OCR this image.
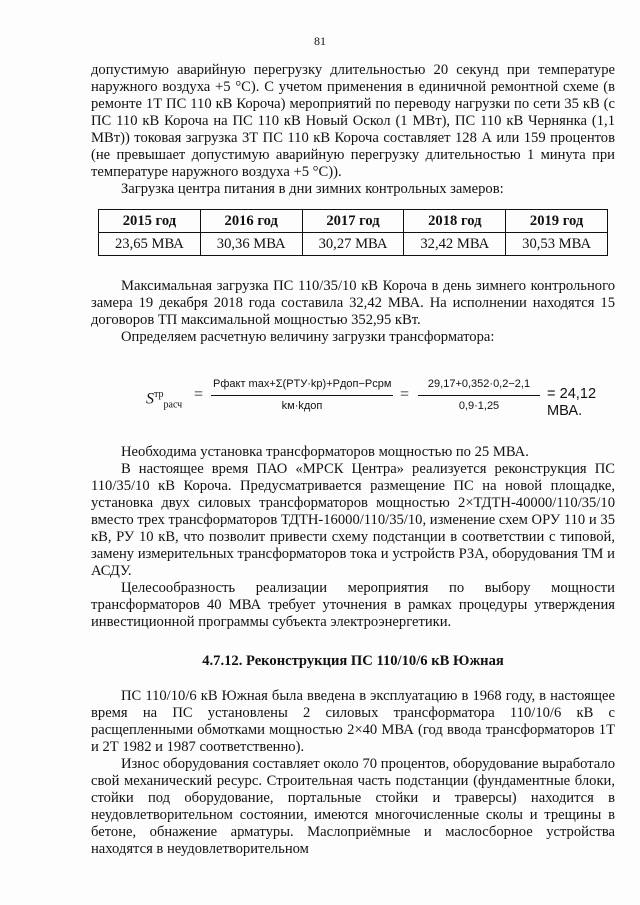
81

допустимую аварийную перегрузку длительностью 20 секунд при температуре наружного воздуха +5 °С). С учетом применения в единичной ремонтной схеме (в ремонте 1Т ПС 110 кВ Короча) мероприятий по переводу нагрузки по сети 35 кВ (с ПС 110 кВ Короча на ПС 110 кВ Новый Оскол (1 МВт), ПС 110 кВ Чернянка (1,1 МВт)) токовая загрузка 3Т ПС 110 кВ Короча составляет 128 А или 159 процентов (не превышает допустимую аварийную перегрузку длительностью 1 минута при температуре наружного воздуха +5 °С)).

Загрузка центра питания в дни зимних контрольных замеров:

2015 год	2016 год	2017 год	2018 год	2019 год
23,65 МВА	30,36 МВА	30,27 МВА	32,42 МВА	30,53 МВА

Максимальная загрузка ПС 110/35/10 кВ Короча в день зимнего контрольного замера 19 декабря 2018 года составила 32,42 МВА. На исполнении находятся 15 договоров ТП максимальной мощностью 352,95 кВт.

Определяем расчетную величину загрузки трансформатора:

$S^{тр}_{расч}$
=
Pфакт max+Σ(PТУ·kр)+Pдоп−Pсрм
kм·kдоп
= $\frac{29,17+0,352\cdot 0,2-2,1}{0,9\cdot 1,25} = 24,12$ МВА.

Необходима установка трансформаторов мощностью по 25 МВА.

В настоящее время ПАО «МРСК Центра» реализуется реконструкция ПС 110/35/10 кВ Короча. Предусматривается размещение ПС на новой площадке, установка двух силовых трансформаторов мощностью 2×ТДТН-40000/110/35/10 вместо трех трансформаторов ТДТН-16000/110/35/10, изменение схем ОРУ 110 и 35 кВ, РУ 10 кВ, что позволит привести схему подстанции в соответствии с типовой, замену измерительных трансформаторов тока и устройств РЗА, оборудования ТМ и АСДУ.

Целесообразность реализации мероприятия по выбору мощности трансформаторов 40 МВА требует уточнения в рамках процедуры утверждения инвестиционной программы субъекта электроэнергетики.

4.7.12. Реконструкция ПС 110/10/6 кВ Южная

ПС 110/10/6 кВ Южная была введена в эксплуатацию в 1968 году, в настоящее время на ПС установлены 2 силовых трансформатора 110/10/6 кВ с расщепленными обмотками мощностью 2×40 МВА (год ввода трансформаторов 1Т и 2Т 1982 и 1987 соответственно).

Износ оборудования составляет около 70 процентов, оборудование выработало свой механический ресурс. Строительная часть подстанции (фундаментные блоки, стойки под оборудование, портальные стойки и траверсы) находится в неудовлетворительном состоянии, имеются многочисленные сколы и трещины в бетоне, обнажение арматуры. Маслоприёмные и маслосборное устройства находятся в неудовлетворительном
